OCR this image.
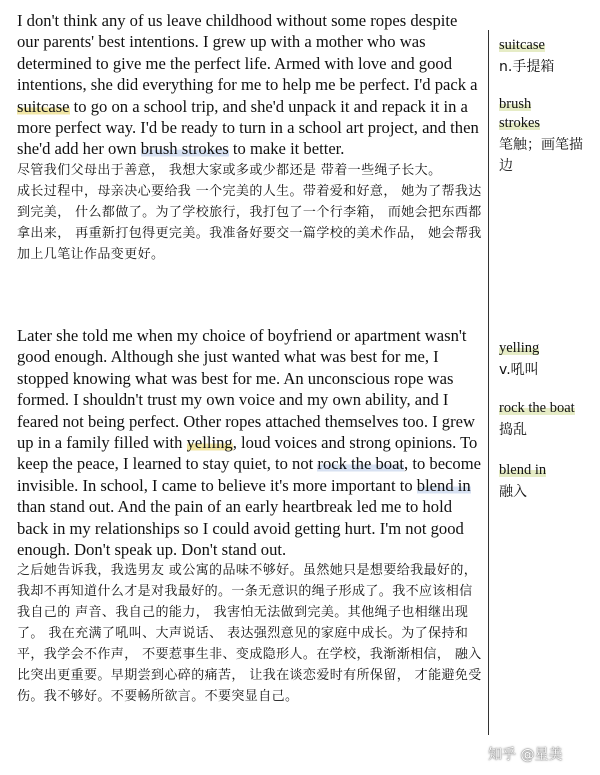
I don't think any of us leave childhood without some ropes despite our parents' best intentions. I grew up with a mother who was determined to give me the perfect life. Armed with love and good intentions, she did everything for me to help me be perfect. I'd pack a suitcase to go on a school trip, and she'd unpack it and repack it in a more perfect way. I'd be ready to turn in a school art project, and then she'd add her own brush strokes to make it better.

尽管我们父母出于善意， 我想大家或多或少都还是 带着一些绳子长大。

成长过程中，母亲决心要给我 一个完美的人生。带着爱和好意， 她为了帮我达到完美， 什么都做了。为了学校旅行，我打包了一个行李箱， 而她会把东西都拿出来， 再重新打包得更完美。我准备好要交一篇学校的美术作品， 她会帮我加上几笔让作品变更好。

Later she told me when my choice of boyfriend or apartment wasn't good enough. Although she just wanted what was best for me, I stopped knowing what was best for me. An unconscious rope was formed. I shouldn't trust my own voice and my own ability, and I feared not being perfect. Other ropes attached themselves too. I grew up in a family filled with yelling, loud voices and strong opinions. To keep the peace, I learned to stay quiet, to not rock the boat, to become invisible. In school, I came to believe it's more important to blend in than stand out. And the pain of an early heartbreak led me to hold back in my relationships so I could avoid getting hurt. I'm not good enough. Don't speak up. Don't stand out.

之后她告诉我，我选男友 或公寓的品味不够好。虽然她只是想要给我最好的， 我却不再知道什么才是对我最好的。一条无意识的绳子形成了。我不应该相信我自己的 声音、我自己的能力， 我害怕无法做到完美。其他绳子也相继出现了。 我在充满了吼叫、大声说话、 表达强烈意见的家庭中成长。为了保持和平，我学会不作声， 不要惹事生非、变成隐形人。在学校，我渐渐相信， 融入比突出更重要。早期尝到心碎的痛苦， 让我在谈恋爱时有所保留， 才能避免受伤。我不够好。不要畅所欲言。不要突显自己。

suitcase
n.手提箱
brush strokes
笔触；画笔描边
yelling
v.吼叫
rock the boat
捣乱
blend in
融入
知乎 @星美
